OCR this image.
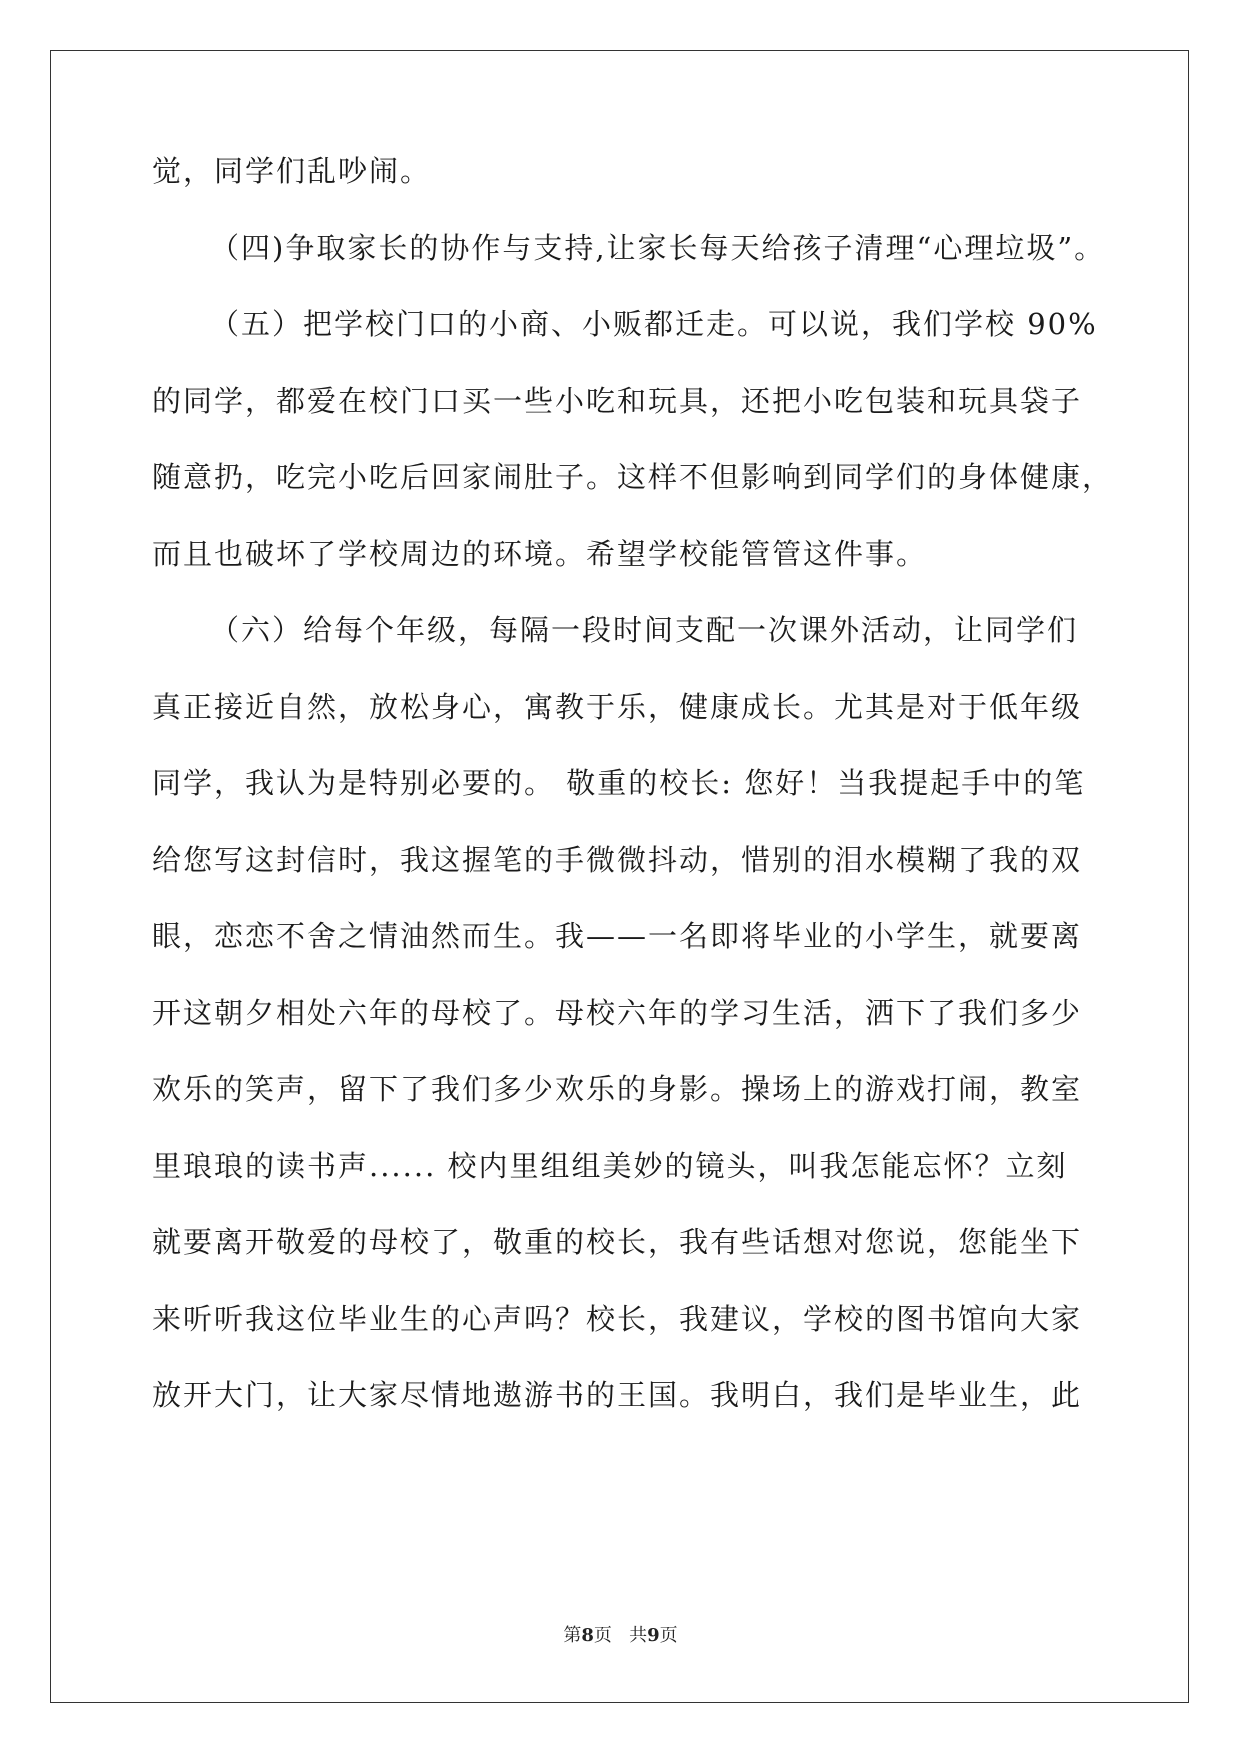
觉，同学们乱吵闹。
（四)争取家长的协作与支持,让家长每天给孩子清理“心理垃圾”。
（五）把学校门口的小商、小贩都迁走。可以说，我们学校 90%
的同学，都爱在校门口买一些小吃和玩具，还把小吃包装和玩具袋子
随意扔，吃完小吃后回家闹肚子。这样不但影响到同学们的身体健康，
而且也破坏了学校周边的环境。希望学校能管管这件事。
（六）给每个年级，每隔一段时间支配一次课外活动，让同学们
真正接近自然，放松身心，寓教于乐，健康成长。尤其是对于低年级
同学，我认为是特别必要的。 敬重的校长: 您好！当我提起手中的笔
给您写这封信时，我这握笔的手微微抖动，惜别的泪水模糊了我的双
眼，恋恋不舍之情油然而生。我——一名即将毕业的小学生，就要离
开这朝夕相处六年的母校了。母校六年的学习生活，洒下了我们多少
欢乐的笑声，留下了我们多少欢乐的身影。操场上的游戏打闹，教室
里琅琅的读书声...... 校内里组组美妙的镜头，叫我怎能忘怀？立刻
就要离开敬爱的母校了，敬重的校长，我有些话想对您说，您能坐下
来听听我这位毕业生的心声吗？校长，我建议，学校的图书馆向大家
放开大门，让大家尽情地遨游书的王国。我明白，我们是毕业生，此
第8页 共9页
